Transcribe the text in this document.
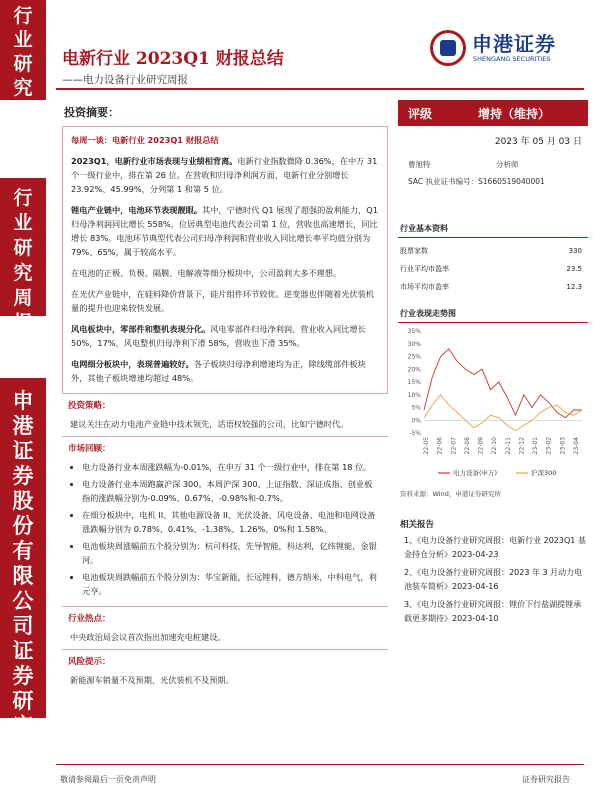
行
业
研
究
行
业
研
究
周
报
申
港
证
券
股
份
有
限
公
司
证
券
研
究
报
告
电新行业 2023Q1 财报总结
——电力设备行业研究周报
申港证券
SHENGANG SECURITIES
投资摘要：

每周一谈：电新行业 2023Q1 财报总结

2023Q1，电新行业市场表现与业绩相背离。电新行业指数微降 0.36%，在中万 31 个一级行业中，排在第 26 位。在营收和归母净利润方面，电新行业分别增长 23.92%、45.99%，分列第 1 和第 5 位。

锂电产业链中，电池环节表现靓眼。其中，宁德时代 Q1 展现了超强的盈利能力，Q1 归母净利润同比增长 558%，位居典型电池代表公司第 1 位，营收也高速增长，同比增长 83%。电池环节典型代表公司归母净利润和营业收入同比增长率平均值分别为 79%、65%，属于较高水平。

在电池的正极、负极、隔膜、电解液等细分板块中，公司盈利大多不理想。

在光伏产业链中，在硅料降价背景下，硅片组件环节较优。逆变器也伴随着光伏装机量的提升也迎来较快发展。

风电板块中，零部件和整机表现分化。风电零部件归母净利润、营业收入同比增长 50%，17%，风电整机归母净利下滑 58%，营收也下滑 35%。

电网细分板块中，表现普遍较好。各子板块归母净利增速均为正，除线缆部件板块外，其他子板块增速均超过 48%。

投资策略：
建议关注在动力电池产业链中技术领先，话语权较强的公司，比如宁德时代。
市场回顾：
• 电力设备行业本周涨跌幅为-0.01%，在申万 31 个一级行业中，排在第 18 位。
• 电力设备行业本周跑赢沪深 300。本周沪深 300、上证指数、深证成指、创业板指的涨跌幅分别为-0.09%、0.67%、-0.98%和-0.7%。
• 在细分板块中，电机 II、其他电源设备 II、光伏设备、风电设备、电池和电网设备涨跌幅分别为 0.78%、0.41%、-1.38%、1.26%、0%和 1.58%。
• 电池板块周涨幅前五个股分别为：杭可科技，先导智能，科达利，亿纬锂能，金银河。
• 电池板块周跌幅前五个股分别为：华宝新能，长远锂科，德方纳米，中科电气，利元亨。
行业热点：
中央政治局会议首次指出加速充电桩建设。
风险提示：
新能源车销量不及预期、光伏装机不及预期。
评级	增持（维持）
2023 年 05 月 03 日
曹旭特	分析师
SAC 执业证书编号：S1660519040001
行业基本资料
股票家数	330
行业平均市盈率	23.5
市场平均市盈率	12.3
行业表现走势图
-5%
0%
5%
10%
15%
20%
25%
30%
35%
22-05 22-06 22-07 22-08 22-09 22-10 22-11 22-12 23-01 23-02 23-03 23-04
电力设备(申万)	沪深300
资料来源：Wind，申港证券研究所
相关报告
1、《电力设备行业研究周报：电新行业 2023Q1 基金持仓分析》2023-04-23
2、《电力设备行业研究周报：2023 年 3 月动力电池装车简析》2023-04-16
3、《电力设备行业研究周报：锂价下行盐湖提锂承载更多期待》2023-04-10
敬请参阅最后一页免责声明	证券研究报告
